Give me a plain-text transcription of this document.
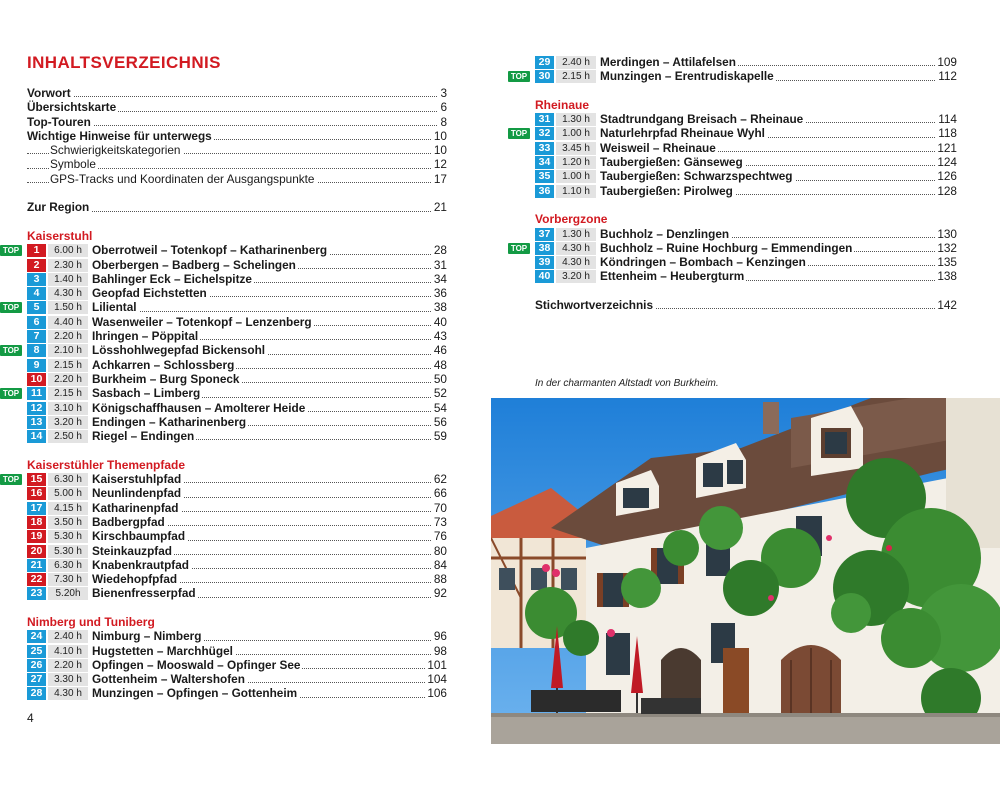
INHALTSVERZEICHNIS
Vorwort	3
Übersichtskarte	6
Top-Touren	8
Wichtige Hinweise für unterwegs	10
Schwierigkeitskategorien	10
Symbole	12
GPS-Tracks und Koordinaten der Ausgangspunkte	17
Zur Region	21
Kaiserstuhl
TOP	1	6.00 h Oberrotweil – Totenkopf – Katharinenberg	28
2	2.30 h Oberbergen – Badberg – Schelingen	31
3	1.40 h Bahlinger Eck – Eichelspitze	34
4	4.30 h Geopfad Eichstetten	36
TOP	5	1.50 h Liliental	38
6	4.40 h Wasenweiler – Totenkopf – Lenzenberg	40
7	2.20 h Ihringen – Pöppital	43
TOP	8	2.10 h Lösshohlwegepfad Bickensohl	46
9	2.15 h Achkarren – Schlossberg	48
10	2.20 h Burkheim – Burg Sponeck	50
TOP	11	2.15 h Sasbach – Limberg	52
12	3.10 h Königschaffhausen – Amolterer Heide	54
13	3.20 h Endingen – Katharinenberg	56
14	2.50 h Riegel – Endingen	59
Kaiserstühler Themenpfade
TOP	15	6.30 h Kaiserstuhlpfad	62
16	5.00 h Neunlindenpfad	66
17	4.15 h Katharinenpfad	70
18	3.50 h Badbergpfad	73
19	5.30 h Kirschbaumpfad	76
20	5.30 h Steinkauzpfad	80
21	6.30 h Knabenkrautpfad	84
22	7.30 h Wiedehopfpfad	88
23	5.20h Bienenfresserpfad	92
Nimberg und Tuniberg
24	2.40 h Nimburg – Nimberg	96
25	4.10 h Hugstetten – Marchhügel	98
26	2.20 h Opfingen – Mooswald – Opfinger See	101
27	3.30 h Gottenheim – Waltershofen	104
28	4.30 h Munzingen – Opfingen – Gottenheim	106
4
29	2.40 h Merdingen – Attilafelsen	109
TOP	30	2.15 h Munzingen – Erentrudiskapelle	112
Rheinaue
31	1.30 h Stadtrundgang Breisach – Rheinaue	114
TOP	32	1.00 h Naturlehrpfad Rheinaue Wyhl	118
33	3.45 h Weisweil – Rheinaue	121
34	1.20 h Taubergießen: Gänseweg	124
35	1.00 h Taubergießen: Schwarzspechtweg	126
36	1.10 h Taubergießen: Pirolweg	128
Vorbergzone
37	1.30 h Buchholz – Denzlingen	130
TOP	38	4.30 h Buchholz – Ruine Hochburg – Emmendingen	132
39	4.30 h Köndringen – Bombach – Kenzingen	135
40	3.20 h Ettenheim – Heubergturm	138
Stichwortverzeichnis	142
In der charmanten Altstadt von Burkheim.
